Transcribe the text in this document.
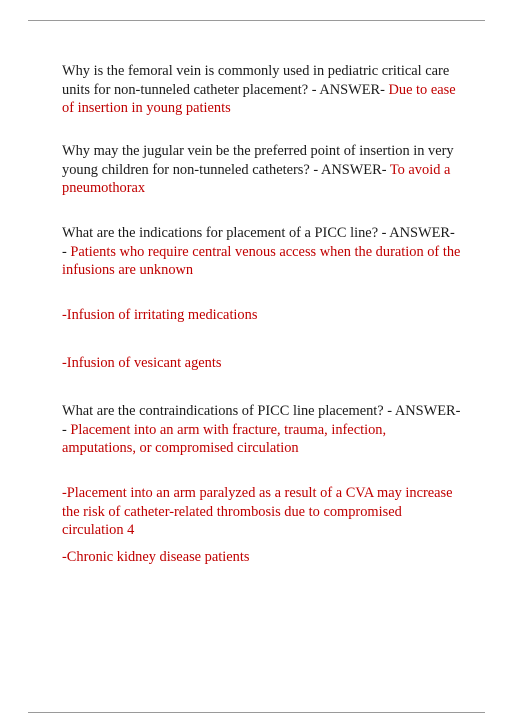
Why is the femoral vein is commonly used in pediatric critical care units for non-tunneled catheter placement? - ANSWER- Due to ease of insertion in young patients

Why may the jugular vein be the preferred point of insertion in very young children for non-tunneled catheters? - ANSWER- To avoid a pneumothorax

What are the indications for placement of a PICC line? - ANSWER- - Patients who require central venous access when the duration of the infusions are unknown

-Infusion of irritating medications

-Infusion of vesicant agents

What are the contraindications of PICC line placement? - ANSWER- - Placement into an arm with fracture, trauma, infection, amputations, or compromised circulation

-Placement into an arm paralyzed as a result of a CVA may increase the risk of catheter-related thrombosis due to compromised circulation 4

-Chronic kidney disease patients
